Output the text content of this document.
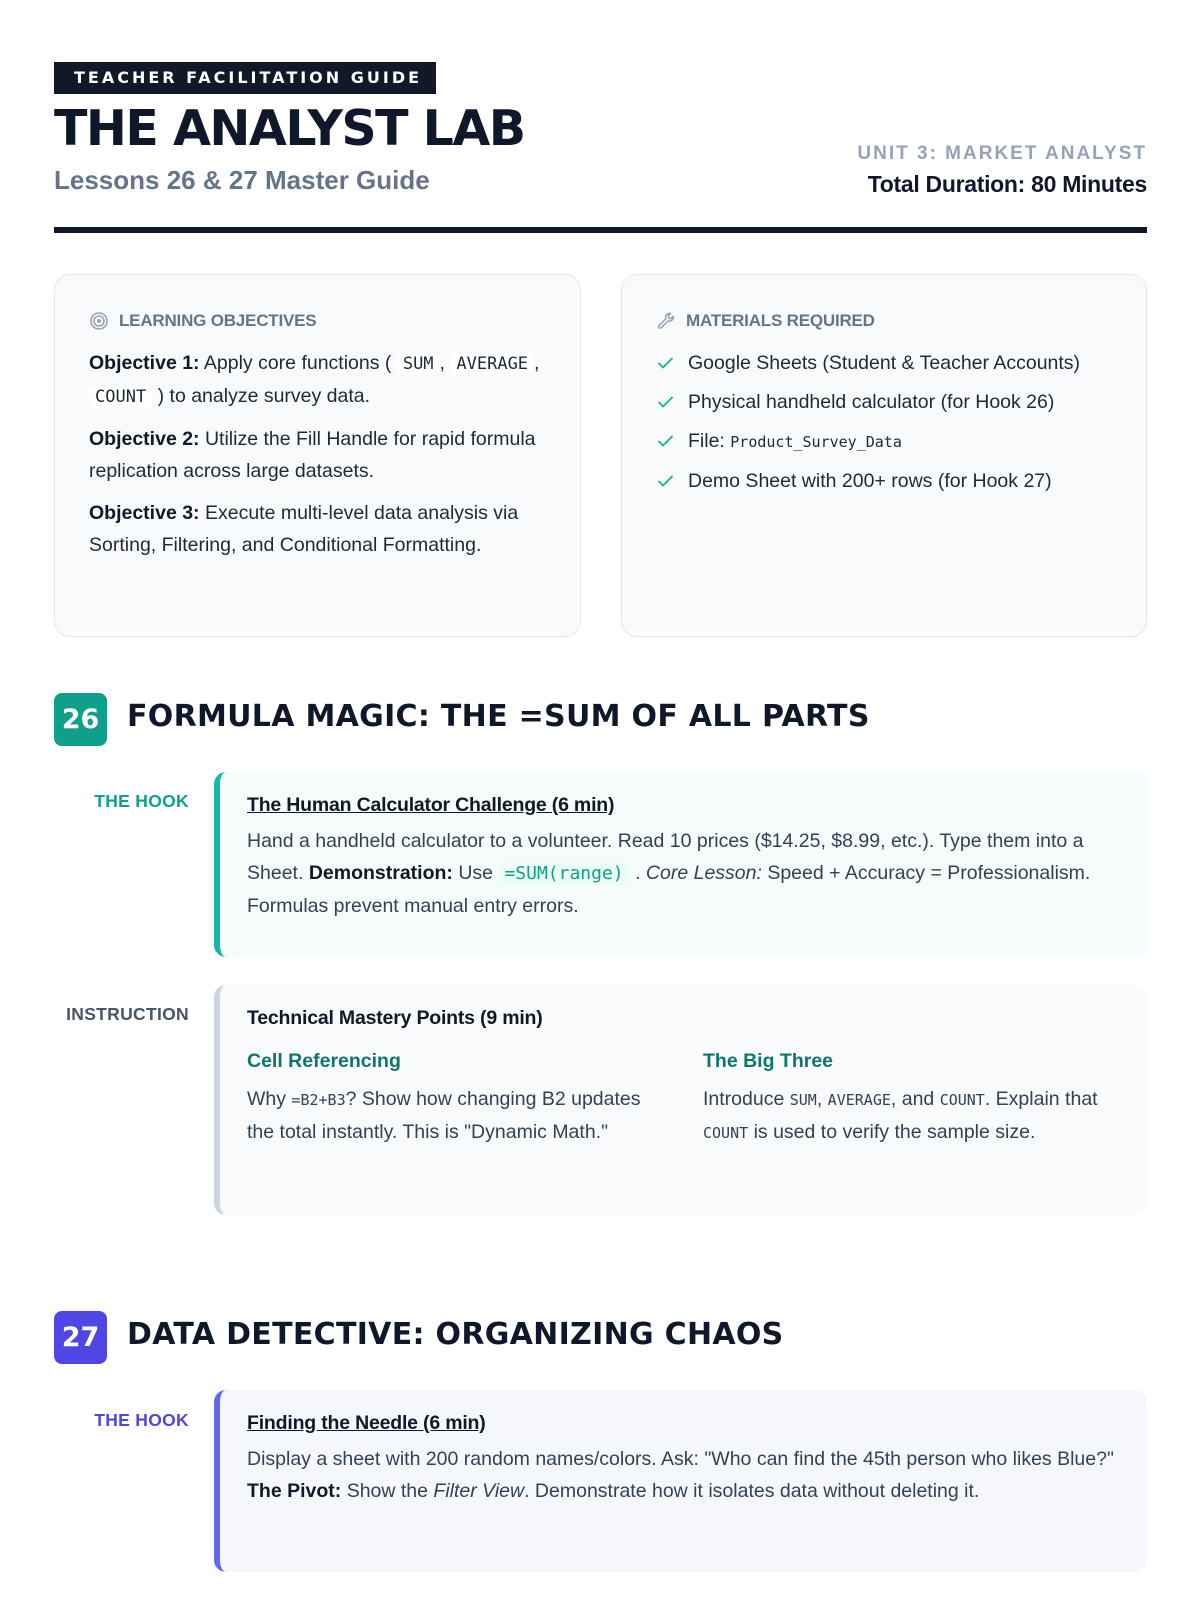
TEACHER FACILITATION GUIDE
THE ANALYST LAB
Lessons 26 & 27 Master Guide
UNIT 3: MARKET ANALYST
Total Duration: 80 Minutes
LEARNING OBJECTIVES
Objective 1: Apply core functions ( SUM , AVERAGE , COUNT ) to analyze survey data.
Objective 2: Utilize the Fill Handle for rapid formula replication across large datasets.
Objective 3: Execute multi-level data analysis via Sorting, Filtering, and Conditional Formatting.
MATERIALS REQUIRED
Google Sheets (Student & Teacher Accounts)
Physical handheld calculator (for Hook 26)
File: Product_Survey_Data
Demo Sheet with 200+ rows (for Hook 27)
26 FORMULA MAGIC: THE =SUM OF ALL PARTS
THE HOOK	The Human Calculator Challenge (6 min)
Hand a handheld calculator to a volunteer. Read 10 prices ($14.25, $8.99, etc.). Type them into a Sheet. Demonstration: Use =SUM(range) . Core Lesson: Speed + Accuracy = Professionalism. Formulas prevent manual entry errors.
INSTRUCTION	Technical Mastery Points (9 min)
Cell Referencing
Why =B2+B3? Show how changing B2 updates the total instantly. This is "Dynamic Math."
The Big Three
Introduce SUM, AVERAGE, and COUNT. Explain that COUNT is used to verify the sample size.
27 DATA DETECTIVE: ORGANIZING CHAOS
THE HOOK	Finding the Needle (6 min)
Display a sheet with 200 random names/colors. Ask: "Who can find the 45th person who likes Blue?" The Pivot: Show the Filter View. Demonstrate how it isolates data without deleting it.
